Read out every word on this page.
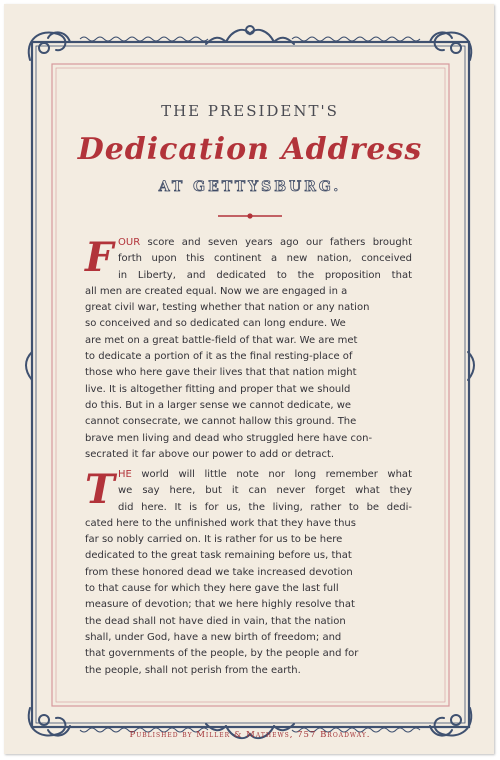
THE PRESIDENT'S
Dedication Address
AT GETTYSBURG.
F OUR score and seven years ago our fathers brought
forth upon this continent a new nation, conceived
in Liberty, and dedicated to the proposition that
all men are created equal. Now we are engaged in a
great civil war, testing whether that nation or any nation
so conceived and so dedicated can long endure. We
are met on a great battle-field of that war. We are met
to dedicate a portion of it as the final resting-place of
those who here gave their lives that that nation might
live. It is altogether fitting and proper that we should
do this. But in a larger sense we cannot dedicate, we
cannot consecrate, we cannot hallow this ground. The
brave men living and dead who struggled here have con-
secrated it far above our power to add or detract.
T HE world will little note nor long remember what
we say here, but it can never forget what they
did here. It is for us, the living, rather to be dedi-
cated here to the unfinished work that they have thus
far so nobly carried on. It is rather for us to be here
dedicated to the great task remaining before us, that
from these honored dead we take increased devotion
to that cause for which they here gave the last full
measure of devotion; that we here highly resolve that
the dead shall not have died in vain, that the nation
shall, under God, have a new birth of freedom; and
that governments of the people, by the people and for
the people, shall not perish from the earth.
Published by Miller & Mathews, 757 Broadway.
